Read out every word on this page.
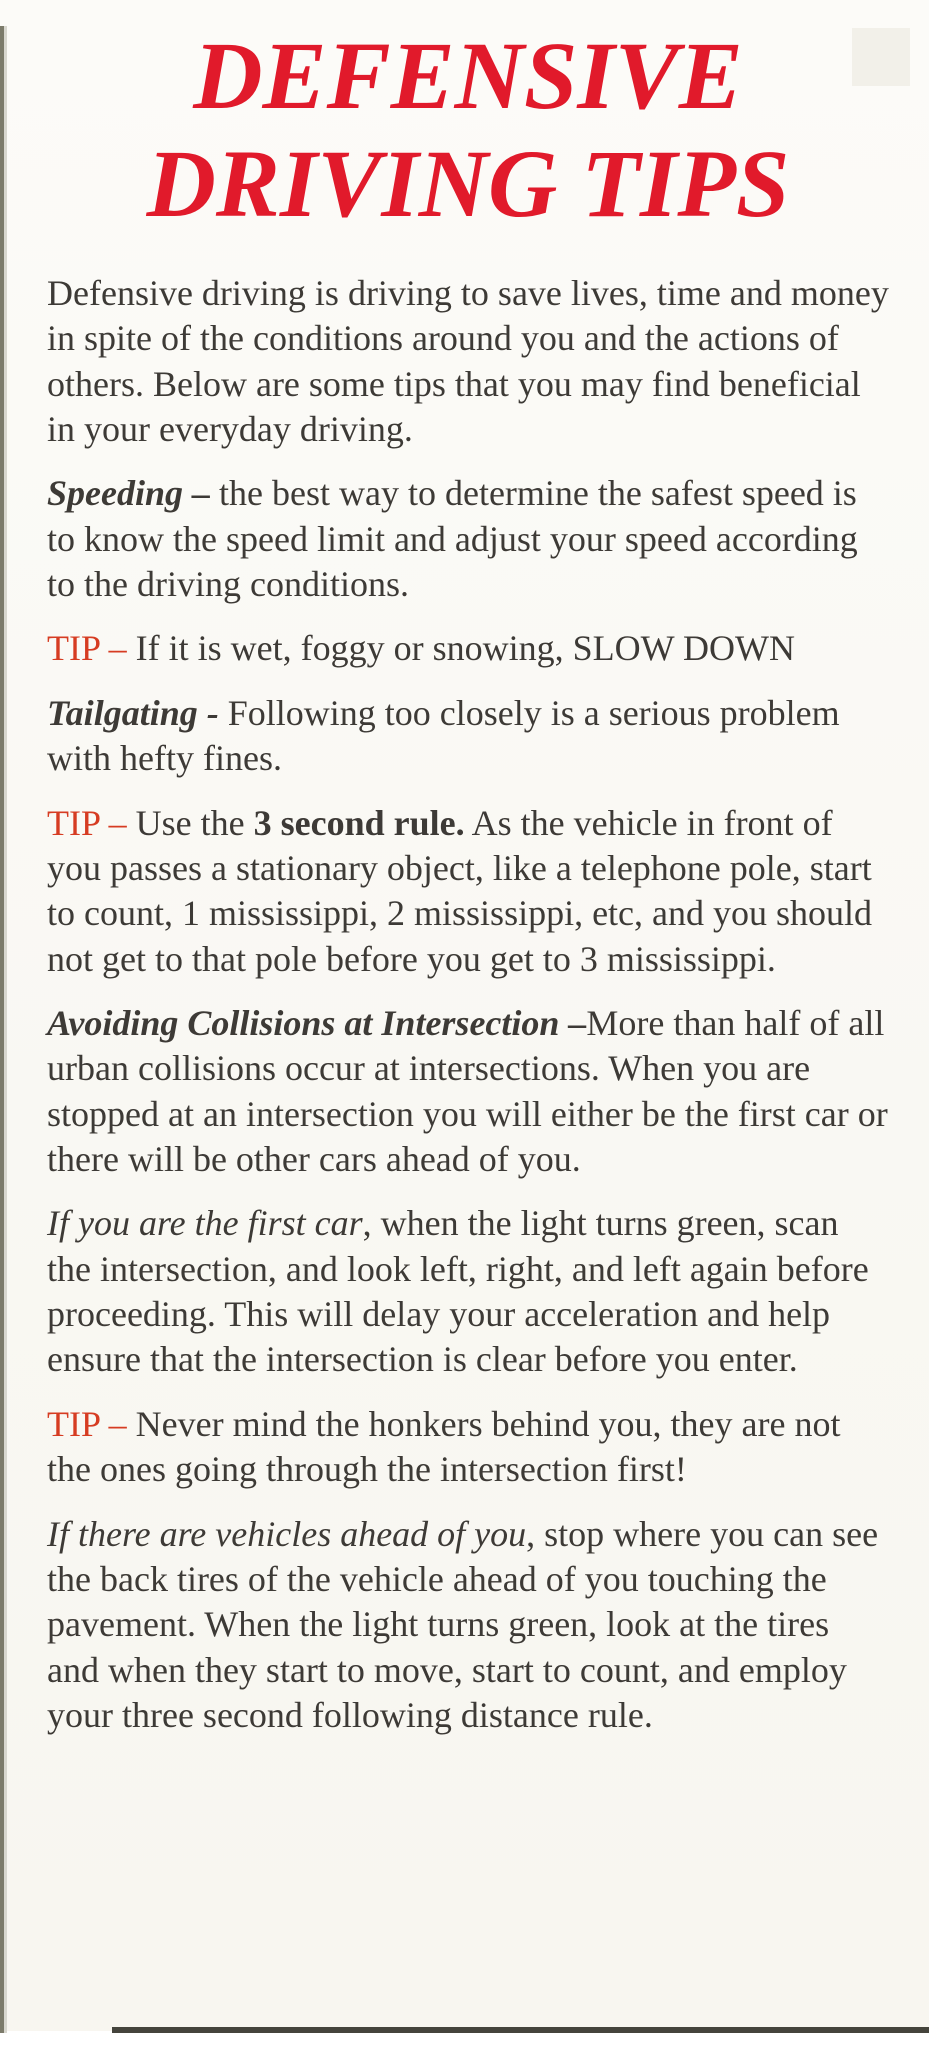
DEFENSIVE
DRIVING TIPS

Defensive driving is driving to save lives, time and money in spite of the conditions around you and the actions of others. Below are some tips that you may find beneficial in your everyday driving.

Speeding – the best way to determine the safest speed is to know the speed limit and adjust your speed according to the driving conditions.

TIP – If it is wet, foggy or snowing, SLOW DOWN

Tailgating - Following too closely is a serious problem with hefty fines.

TIP – Use the 3 second rule. As the vehicle in front of you passes a stationary object, like a telephone pole, start to count, 1 mississippi, 2 mississippi, etc, and you should not get to that pole before you get to 3 mississippi.

Avoiding Collisions at Intersection –More than half of all urban collisions occur at intersections. When you are stopped at an intersection you will either be the first car or there will be other cars ahead of you.

If you are the first car, when the light turns green, scan the intersection, and look left, right, and left again before proceeding. This will delay your acceleration and help ensure that the intersection is clear before you enter.

TIP – Never mind the honkers behind you, they are not the ones going through the intersection first!

If there are vehicles ahead of you, stop where you can see the back tires of the vehicle ahead of you touching the pavement. When the light turns green, look at the tires and when they start to move, start to count, and employ your three second following distance rule.
